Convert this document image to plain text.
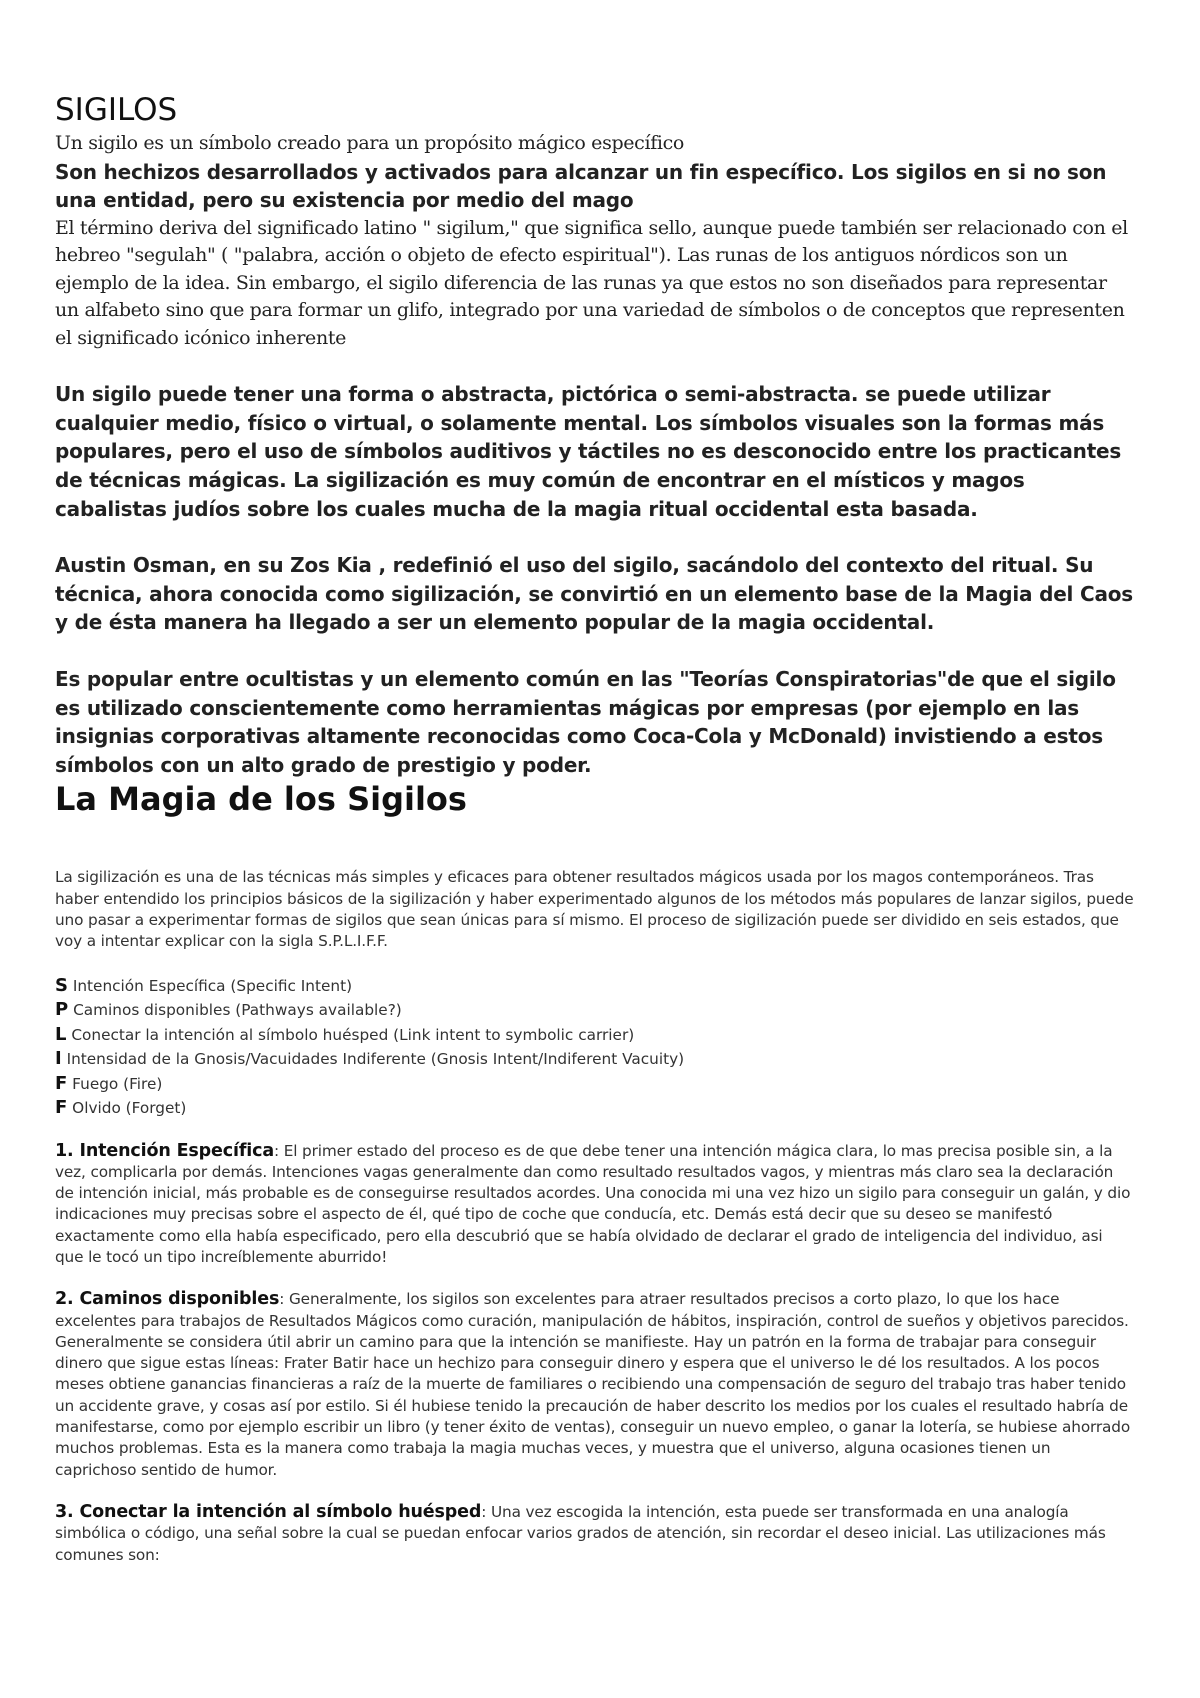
SIGILOS

Un sigilo es un símbolo creado para un propósito mágico específico

Son hechizos desarrollados y activados para alcanzar un fin específico. Los sigilos en si no son una entidad, pero su existencia por medio del mago

El término deriva del significado latino " sigilum," que significa sello, aunque puede también ser relacionado con el hebreo "segulah" ( "palabra, acción o objeto de efecto espiritual"). Las runas de los antiguos nórdicos son un ejemplo de la idea. Sin embargo, el sigilo diferencia de las runas ya que estos no son diseñados para representar un alfabeto sino que para formar un glifo, integrado por una variedad de símbolos o de conceptos que representen el significado icónico inherente

Un sigilo puede tener una forma o abstracta, pictórica o semi-abstracta. se puede utilizar cualquier medio, físico o virtual, o solamente mental. Los símbolos visuales son la formas más populares, pero el uso de símbolos auditivos y táctiles no es desconocido entre los practicantes de técnicas mágicas. La sigilización es muy común de encontrar en el místicos y magos cabalistas judíos sobre los cuales mucha de la magia ritual occidental esta basada.

Austin Osman, en su Zos Kia , redefinió el uso del sigilo, sacándolo del contexto del ritual. Su técnica, ahora conocida como sigilización, se convirtió en un elemento base de la Magia del Caos y de ésta manera ha llegado a ser un elemento popular de la magia occidental.

Es popular entre ocultistas y un elemento común en las "Teorías Conspiratorias"de que el sigilo es utilizado conscientemente como herramientas mágicas por empresas (por ejemplo en las insignias corporativas altamente reconocidas como Coca-Cola y McDonald) invistiendo a estos símbolos con un alto grado de prestigio y poder.

La Magia de los Sigilos

La sigilización es una de las técnicas más simples y eficaces para obtener resultados mágicos usada por los magos contemporáneos. Tras haber entendido los principios básicos de la sigilización y haber experimentado algunos de los métodos más populares de lanzar sigilos, puede uno pasar a experimentar formas de sigilos que sean únicas para sí mismo. El proceso de sigilización puede ser dividido en seis estados, que voy a intentar explicar con la sigla S.P.L.I.F.F.

S Intención Específica (Specific Intent)
P Caminos disponibles (Pathways available?)
L Conectar la intención al símbolo huésped (Link intent to symbolic carrier)
I Intensidad de la Gnosis/Vacuidades Indiferente (Gnosis Intent/Indiferent Vacuity)
F Fuego (Fire)
F Olvido (Forget)

1. Intención Específica: El primer estado del proceso es de que debe tener una intención mágica clara, lo mas precisa posible sin, a la vez, complicarla por demás. Intenciones vagas generalmente dan como resultado resultados vagos, y mientras más claro sea la declaración de intención inicial, más probable es de conseguirse resultados acordes. Una conocida mi una vez hizo un sigilo para conseguir un galán, y dio indicaciones muy precisas sobre el aspecto de él, qué tipo de coche que conducía, etc. Demás está decir que su deseo se manifestó exactamente como ella había especificado, pero ella descubrió que se había olvidado de declarar el grado de inteligencia del individuo, asi que le tocó un tipo increíblemente aburrido!

2. Caminos disponibles: Generalmente, los sigilos son excelentes para atraer resultados precisos a corto plazo, lo que los hace excelentes para trabajos de Resultados Mágicos como curación, manipulación de hábitos, inspiración, control de sueños y objetivos parecidos. Generalmente se considera útil abrir un camino para que la intención se manifieste. Hay un patrón en la forma de trabajar para conseguir dinero que sigue estas líneas: Frater Batir hace un hechizo para conseguir dinero y espera que el universo le dé los resultados. A los pocos meses obtiene ganancias financieras a raíz de la muerte de familiares o recibiendo una compensación de seguro del trabajo tras haber tenido un accidente grave, y cosas así por estilo. Si él hubiese tenido la precaución de haber descrito los medios por los cuales el resultado habría de manifestarse, como por ejemplo escribir un libro (y tener éxito de ventas), conseguir un nuevo empleo, o ganar la lotería, se hubiese ahorrado muchos problemas. Esta es la manera como trabaja la magia muchas veces, y muestra que el universo, alguna ocasiones tienen un caprichoso sentido de humor.

3. Conectar la intención al símbolo huésped: Una vez escogida la intención, esta puede ser transformada en una analogía simbólica o código, una señal sobre la cual se puedan enfocar varios grados de atención, sin recordar el deseo inicial. Las utilizaciones más comunes son:
